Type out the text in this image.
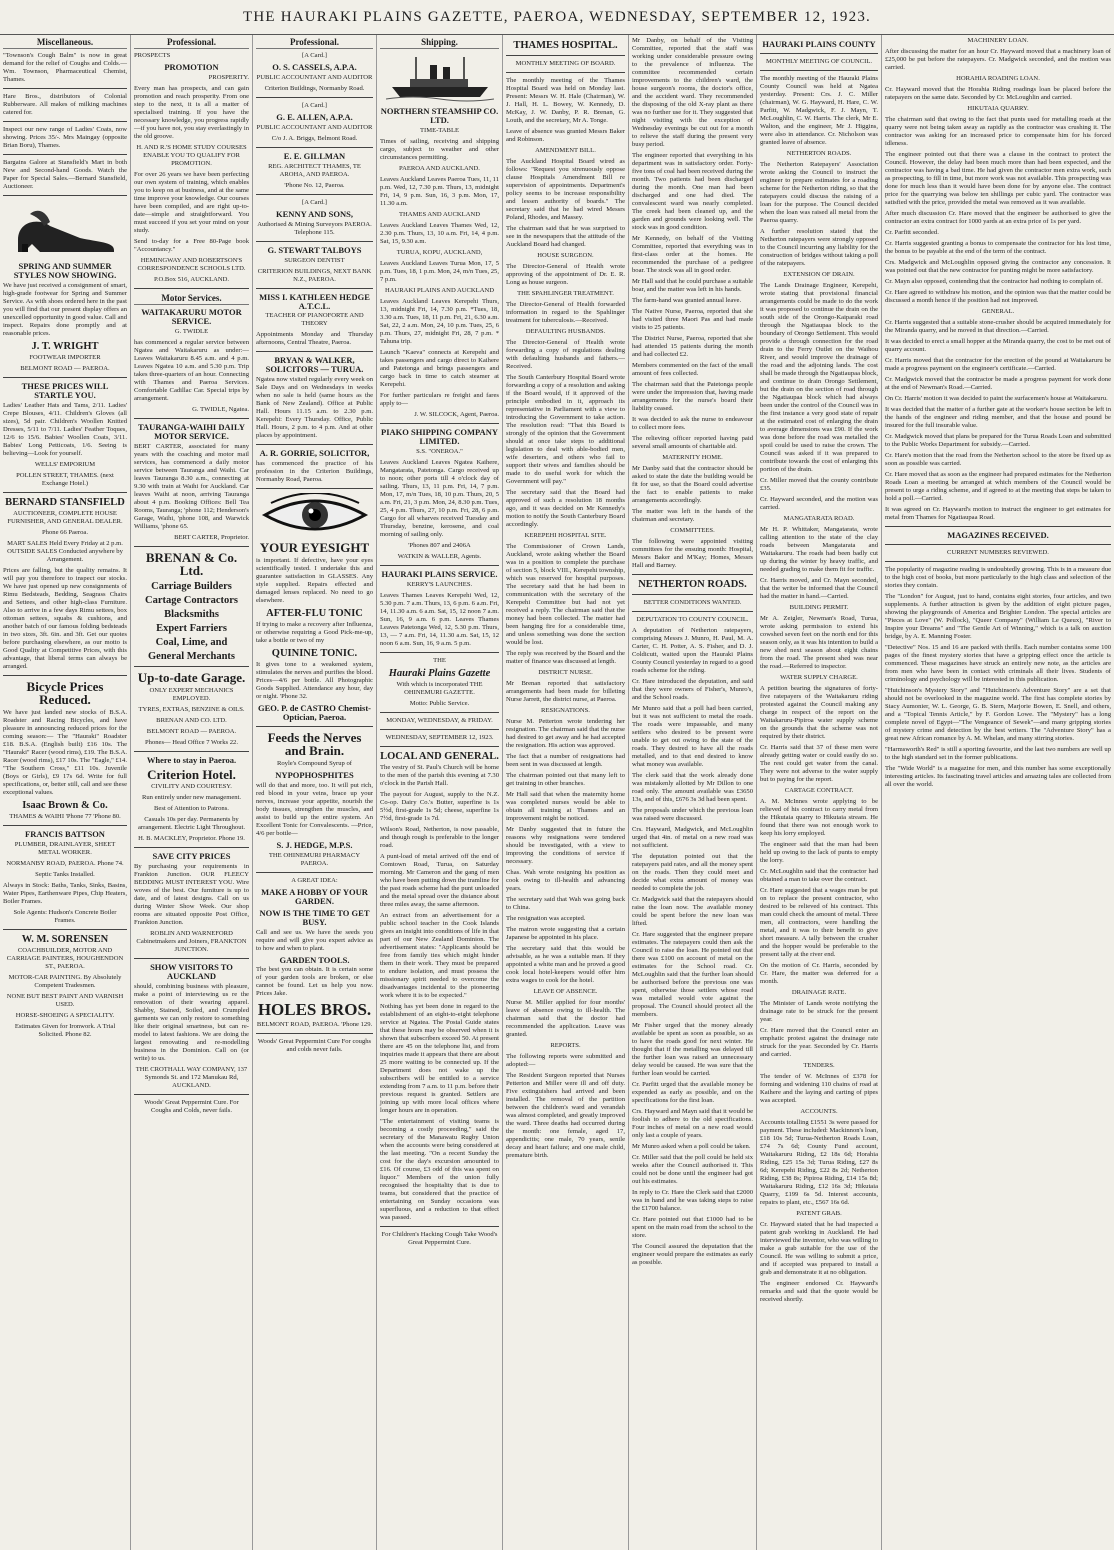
THE HAURAKI PLAINS GAZETTE, PAEROA, WEDNESDAY, SEPTEMBER 12, 1923.
Miscellaneous.

"Townson's Cough Balm" is now in great demand for the relief of Coughs and Colds.—Wm. Townson, Pharmaceutical Chemist, Thames.

Hare Bros., distributors of Colonial Rubberware. All makes of milking machines catered for.

Inspect our new range of Ladies' Coats, now showing. Prices 35/-. Mrs Maingay (opposite Brian Boru), Thames.

Bargains Galore at Stansfield's Mart in both New and Second-hand Goods. Watch the Paper for Special Sales.—Bernard Stansfield, Auctioneer.

SPRING AND SUMMER STYLES NOW SHOWING.

We have just received a consignment of smart, high-grade footwear for Spring and Summer Service. As with shoes ordered here in the past you will find that our present display offers an unexcelled opportunity in good value. Call and inspect. Repairs done promptly and at reasonable prices.

J. T. WRIGHT
FOOTWEAR IMPORTER
BELMONT ROAD — PAEROA.
THESE PRICES WILL STARTLE YOU.

Ladies' Leather Hats and Tams, 2/11. Ladies' Crepe Blouses, 4/11. Children's Gloves (all sizes), 5d pair. Children's Woollen Knitted Dresses, 5/11 to 7/11. Ladies' Feather Toques, 12/6 to 15/6. Babies' Woollen Coats, 3/11. Babies' Long Petticoats, 1/6. Seeing is believing—Look for yourself.

WELLS' EMPORIUM
POLLEN STREET, THAMES. (next Exchange Hotel.)
BERNARD STANSFIELD
AUCTIONEER, COMPLETE HOUSE FURNISHER, AND GENERAL DEALER.
Phone 66 Paeroa.
MART SALES Held Every Friday at 2 p.m. OUTSIDE SALES Conducted anywhere by Arrangement.

Prices are falling, but the quality remains. It will pay you therefore to inspect our stocks. We have just opened up new consignments of Rimu Bedsteads, Bedding, Seagrass Chairs and Settees, and other high-class Furniture. Also to arrive in a few days Rimu settees, box ottoman settees, squabs & cushions, and another batch of our famous folding bedsteads in two sizes, 3ft. 6in. and 3ft. Get our quotes before purchasing elsewhere, as our motto is Good Quality at Competitive Prices, with this advantage, that liberal terms can always be arranged.

Bicycle Prices Reduced.

We have just landed new stocks of B.S.A. Roadster and Racing Bicycles, and have pleasure in announcing reduced prices for the coming season:— The "Hauraki" Roadster £18. B.S.A. (English built) £16 10s. The "Hauraki" Racer (wood rims), £19. The B.S.A. Racer (wood rims), £17 10s. The "Eagle," £14. "The Southern Cross," £11 10s. Juvenile (Boys or Girls), £9 17s 6d. Write for full specifications, or, better still, call and see these exceptional values.

Isaac Brown & Co.
THAMES & WAIHI 'Phone 77 'Phone 80.
FRANCIS BATTSON
PLUMBER, DRAINLAYER, SHEET METAL WORKER.
NORMANBY ROAD, PAEROA. Phone 74.
Septic Tanks Installed.

Always in Stock: Baths, Tanks, Sinks, Basins, Water Pipes, Earthenware Pipes, Chip Heaters, Boiler Frames.

Sole Agents: Hudson's Concrete Boiler Frames.
W. M. SORENSEN
COACHBUILDER, MOTOR AND CARRIAGE PAINTERS, HOUGHENDON ST., PAEROA.
MOTOR-CAR PAINTING. By Absolutely Competent Tradesmen.
NONE BUT BEST PAINT AND VARNISH USED.
HORSE-SHOEING A SPECIALITY.
Estimates Given for Ironwork. A Trial Solicited. Phone 82.
Professional.
PROSPECTS
PROMOTION
PROSPERITY.

Every man has prospects, and can gain promotion and reach prosperity. From one step to the next, it is all a matter of specialised training. If you have the necessary knowledge, you progress rapidly—if you have not, you stay everlastingly in the old groove.

H. AND R.'S HOME STUDY COURSES ENABLE YOU TO QUALIFY FOR PROMOTION.

For over 26 years we have been perfecting our own system of training, which enables you to keep on at business, and at the same time improve your knowledge. Our courses have been compiled, and are right up-to-date—simple and straightforward. You must succeed if you set your mind on your study.

Send to-day for a Free 80-Page book "Accountancy."

HEMINGWAY AND ROBERTSON'S CORRESPONDENCE SCHOOLS LTD.
P.O.Box 516, AUCKLAND.
Motor Services.
WAITAKARURU MOTOR SERVICE.
G. TWIDLE

has commenced a regular service between Ngatea and Waitakaruru as under:— Leaves Waitakaruru 8.45 a.m. and 4 p.m. Leaves Ngatea 10 a.m. and 5.30 p.m. Trip takes three-quarters of an hour. Connecting with Thames and Paeroa Services. Comfortable Cadillac Car. Special trips by arrangement.

G. TWIDLE, Ngatea.
TAURANGA-WAIHI DAILY MOTOR SERVICE.

BERT CARTER, associated for many years with the coaching and motor mail services, has commenced a daily motor service between Tauranga and Waihi. Car leaves Tauranga 8.30 a.m., connecting at 9.30 with train at Waihi for Auckland. Car leaves Waihi at noon, arriving Tauranga about 4 p.m. Booking Offices: Bell Tea Rooms, Tauranga; 'phone 112; Henderson's Garage, Waihi, 'phone 108, and Warwick Williams, 'phone 65.

BERT CARTER, Proprietor.
BRENAN & Co. Ltd.
Carriage Builders
Cartage Contractors
Blacksmiths
Expert Farriers
Coal, Lime, and
General Merchants
Up-to-date Garage.
ONLY EXPERT MECHANICS EMPLOYED.
TYRES, EXTRAS, BENZINE & OILS.
BRENAN AND CO. LTD.
BELMONT ROAD — PAEROA.
Phones— Head Office 7 Works 22.
Where to stay in Paeroa.
Criterion Hotel.
CIVILITY AND COURTESY.
Run entirely under new management.
Best of Attention to Patrons.
Casuals 10s per day. Permanents by arrangement. Electric Light Throughout.
H. B. MACKLEY, Proprietor. Phone 19.
SAVE CITY PRICES

By purchasing your requirements in Frankton Junction. OUR FLEECY BEDDING MUST INTEREST YOU. Wire woves of the best. Our furniture is up to date, and of latest designs. Call on us during Winter Show Week. Our shop rooms are situated opposite Post Office, Frankton Junction.

ROBLIN AND WARNEFORD Cabinetmakers and Joiners, FRANKTON JUNCTION.
SHOW VISITORS TO AUCKLAND

should, combining business with pleasure, make a point of interviewing us re the renovation of their wearing apparel. Shabby, Stained, Soiled, and Crumpled garments we can only restore to something like their original smartness, but can re-model to latest fashions. We are doing the largest renovating and re-modelling business in the Dominion. Call on (or write) to us.

THE CROTHALL WAY COMPANY, 137 Symonds St. and 172 Manukau Rd, AUCKLAND.
Woods' Great Peppermint Cure. For Coughs and Colds, never fails.
Professional.
[A Card.]
O. S. CASSELS, A.P.A.
PUBLIC ACCOUNTANT AND AUDITOR
Criterion Buildings, Normanby Road.
[A Card.]
G. E. ALLEN, A.P.A.
PUBLIC ACCOUNTANT AND AUDITOR
C/o J. A. Briggs, Belmont Road.
E. E. GILLMAN
REG. ARCHITECT THAMES, TE AROHA, AND PAEROA.
'Phone No. 12, Paeroa.
[A Card.]
KENNY AND SONS,
Authorised & Mining Surveyors PAEROA. Telephone 115.
G. STEWART TALBOYS
SURGEON DENTIST
CRITERION BUILDINGS, NEXT BANK N.Z., PAEROA.
MISS I. KATHLEEN HEDGE A.T.C.L.
TEACHER OF PIANOFORTE AND THEORY

Appointments Monday and Thursday afternoons, Central Theatre, Paeroa.

BRYAN & WALKER, SOLICITORS — TURUA.

Ngatea now visited regularly every week on Sale Days and on Wednesdays in weeks when no sale is held (same hours as the Bank of New Zealand). Office at Public Hall. Hours 11.15 a.m. to 2.30 p.m. Kerepehi: Every Thursday. Office, Public Hall. Hours, 2 p.m. to 4 p.m. And at other places by appointment.

A. R. GORRIE, SOLICITOR,

has commenced the practice of his profession in the Criterion Buildings, Normanby Road, Paeroa.

YOUR EYESIGHT

is important. If defective, have your eyes scientifically tested. I undertake this and guarantee satisfaction in GLASSES. Any style supplied. Repairs effected and damaged lenses replaced. No need to go elsewhere.

AFTER-FLU TONIC

If trying to make a recovery after Influenza, or otherwise requiring a Good Pick-me-up, take a bottle or two of my

QUININE TONIC.

It gives tone to a weakened system, stimulates the nerves and purifies the blood. Prices—4/6 per bottle. All Photographic Goods Supplied. Attendance any hour, day or night. 'Phone 32.

GEO. P. de CASTRO Chemist-Optician, Paeroa.
Feeds the Nerves and Brain.
Royle's Compound Syrup of
NYPOPHOSPHITES

will do that and more, too. It will put rich, red blood in your veins, brace up your nerves, increase your appetite, nourish the body tissues, strengthen the muscles, and assist to build up the entire system. An Excellent Tonic for Convalescents. —Price, 4/6 per bottle—

S. J. HEDGE, M.P.S.
THE OHINEMURI PHARMACY PAEROA.
A GREAT IDEA:
MAKE A HOBBY OF YOUR GARDEN.
NOW IS THE TIME TO GET BUSY.

Call and see us. We have the seeds you require and will give you expert advice as to how and when to plant.

GARDEN TOOLS.

The best you can obtain. It is certain some of your garden tools are broken, or else cannot be found. Let us help you now. Prices Jake.

HOLES BROS.
BELMONT ROAD, PAEROA. 'Phone 129.
Woods' Great Peppermint Cure For coughs and colds never fails.
Shipping.
NORTHERN STEAMSHIP CO. LTD.
TIME-TABLE

Times of sailing, receiving and shipping cargo, subject to weather and other circumstances permitting.

PAEROA AND AUCKLAND.

Leaves Auckland Leaves Paeroa Tues, 11, 11 p.m. Wed, 12, 7.30 p.m. Thurs, 13, midnight Fri, 14, 9 p.m. Sun, 16, 3 p.m. Mon, 17, 11.30 a.m.

THAMES AND AUCKLAND

Leaves Auckland Leaves Thames Wed, 12, 2.30 p.m. Thurs, 13, 10 a.m. Fri, 14, 4 p.m. Sat, 15, 9.30 a.m.

TURUA, KOPU, AUCKLAND,

Leaves Auckland Leaves Turua Mon, 17, 5 p.m. Tues, 18, 1 p.m. Mon, 24, m/n Tues, 25, 7 p.m.

HAURAKI PLAINS AND AUCKLAND

Leaves Auckland Leaves Kerepehi Thurs, 13, midnight Fri, 14, 7.30 p.m. *Tues, 18, 3.30 a.m. Tues, 18, 11 p.m. Fri, 21, 6.30 a.m. Sat, 22, 2 a.m. Mon, 24, 10 p.m. Tues, 25, 6 p.m. Thurs, 27, midnight Fri, 28, 7 p.m. * Tahuna trip.

Launch "Kaeva" connects at Kerepehi and takes passengers and cargo direct to Kaihere and Patetonga and brings passengers and cargo back in time to catch steamer at Kerepehi.

For further particulars re freight and fares apply to—

J. W. SILCOCK, Agent, Paeroa.
PIAKO SHIPPING COMPANY LIMITED.
S.S. "ONEROA."

Leaves Auckland Leaves Ngatea Kaihere, Mangatarata, Patetonga. Cargo received up to noon; other ports till 4 o'clock day of sailing. Thurs, 13, 11 p.m. Fri, 14, 7 p.m. Mon, 17, m/n Tues, 18, 10 p.m. Thurs, 20, 5 a.m. Fri, 21, 3 p.m. Mon, 24, 8.30 p.m. Tues, 25, 4 p.m. Thurs, 27, 10 p.m. Fri, 28, 6 p.m. Cargo for all wharves received Tuesday and Thursday, benzine, kerosene, and coal morning of sailing only.

'Phones 807 and 2406A
WATKIN & WALLER, Agents.
HAURAKI PLAINS SERVICE.
KERRY'S LAUNCHES.

Leaves Thames Leaves Kerepehi Wed, 12, 5.30 p.m. 7 a.m. Thurs, 13, 6 p.m. 6 a.m. Fri, 14, 11.30 a.m. 6 a.m. Sat, 15, 12 noon 7 a.m. Sun, 16, 9 a.m. 6 p.m. Leaves Thames Leaves Patetonga Wed, 12, 5.30 p.m. Thurs, 13, — 7 a.m. Fri, 14, 11.30 a.m. Sat, 15, 12 noon 6 a.m. Sun, 16, 9 a.m. 5 p.m.

THE
Hauraki Plains Gazette
With which is incorporated THE OHINEMURI GAZETTE.
Motto: Public Service.
MONDAY, WEDNESDAY, & FRIDAY.
WEDNESDAY, SEPTEMBER 12, 1923.
LOCAL AND GENERAL.

The vestry of St. Paul's Church will be home to the men of the parish this evening at 7.30 o'clock in the Parish Hall.

The payout for August, supply to the N.Z. Co-op. Dairy Co.'s Butter, superfine is 1s 5½d, first-grade 1s 5d; cheese, superfine 1s 7½d, first-grade 1s 7d.

Wilson's Road, Netherton, is now passable, and though rough is preferable to the longer road.

A punt-load of metal arrived off the end of Comtown Road, Turua, on Saturday morning. Mr Cameron and the gang of men who have been putting down the tramline for the past roads scheme had the punt unloaded and the metal spread over the distance about three miles away, the same afternoon.

An extract from an advertisement for a public school teacher in the Cook Islands gives an insight into conditions of life in that part of our New Zealand Dominion. The advertisement states: "Applicants should be free from family ties which might hinder them in their work. They must be prepared to endure isolation, and must possess the missionary spirit needed to overcome the disadvantages incidental to the pioneering work where it is to be expected."

Nothing has yet been done in regard to the establishment of an eight-to-eight telephone service at Ngatea. The Postal Guide states that these hours may be observed when it is shown that subscribers exceed 50. At present there are 45 on the telephone list, and from inquiries made it appears that there are about 25 more waiting to be connected up. If the Department does not wake up the subscribers will be entitled to a service extending from 7 a.m. to 11 p.m. before their previous request is granted. Settlers are joining up with more local offices where longer hours are in operation.

"The entertainment of visiting teams is becoming a costly proceeding," said the secretary of the Manawatu Rugby Union when the accounts were being considered at the last meeting. "On a recent Sunday the cost for the day's excursion amounted to £16. Of course, £3 odd of this was spent on liquor." Members of the union fully recognised the hospitality that is due to teams, but considered that the practice of entertaining on Sunday occasions was superfluous, and a reduction to that effect was passed.

For Children's Hacking Cough Take Wood's Great Peppermint Cure.
THAMES HOSPITAL.
MONTHLY MEETING OF BOARD.

The monthly meeting of the Thames Hospital Board was held on Monday last. Present: Messrs W. H. Hale (Chairman), W. J. Hall, H. L. Bowey, W. Kennedy, D. McKay, J. W. Danby, P. R. Brenan, G. Louth, and the secretary, Mr A. Tonge.

Leave of absence was granted Messrs Baker and Robinson.

AMENDMENT BILL.

The Auckland Hospital Board wired as follows: "Request you strenuously oppose clause Hospitals Amendment Bill re supervision of appointments. Department's policy seems to be increase responsibility and lessen authority of boards." The secretary said that he had wired Messrs Poland, Rhodes, and Massey.

The chairman said that he was surprised to see in the newspapers that the attitude of the Auckland Board had changed.

HOUSE SURGEON.

The Director-General of Health wrote approving of the appointment of Dr. E. R. Long as house surgeon.

THE SPAHLINGER TREATMENT.

The Director-General of Health forwarded information in regard to the Spahlinger treatment for tuberculosis.—Received.

DEFAULTING HUSBANDS.

The Director-General of Health wrote forwarding a copy of regulations dealing with defaulting husbands and fathers.—Received.

The South Canterbury Hospital Board wrote forwarding a copy of a resolution and asking if the Board would, if it approved of the principle embodied in it, approach its representative in Parliament with a view to introducing the Government to take action. The resolution read: "That this Board is strongly of the opinion that the Government should at once take steps to additional legislation to deal with able-bodied men, wife deserters, and others who fail to support their wives and families should be made to do useful work for which the Government will pay."

The secretary said that the Board had approved of such a resolution 18 months ago, and it was decided on Mr Kennedy's motion to notify the South Canterbury Board accordingly.

KEREPEHI HOSPITAL SITE.

The Commissioner of Crown Lands, Auckland, wrote asking whether the Board was in a position to complete the purchase of section 5, block VIII., Kerepehi township, which was reserved for hospital purposes. The secretary said that he had been in communication with the secretary of the Kerepehi Committee but had not yet received a reply. The chairman said that the money had been collected. The matter had been hanging fire for a considerable time, and unless something was done the section would be lost.

The reply was received by the Board and the matter of finance was discussed at length.

DISTRICT NURSE.

Mr Brenan reported that satisfactory arrangements had been made for billeting Nurse Jarrett, the district nurse, at Paeroa.

RESIGNATIONS.

Nurse M. Petterton wrote tendering her resignation. The chairman said that the nurse had desired to get away and he had accepted the resignation. His action was approved.

The fact that a number of resignations had been sent in was discussed at length.

The chairman pointed out that many left to get training in other branches.

Mr Hall said that when the maternity home was completed nurses would be able to obtain all training at Thames and an improvement might be noticed.

Mr Danby suggested that in future the reasons why resignations were tendered should be investigated, with a view to improving the conditions of service if necessary.

Chas. Wah wrote resigning his position as cook owing to ill-health and advancing years.

The secretary said that Wah was going back to China.

The resignation was accepted.

The matron wrote suggesting that a certain Japanese be appointed in his place.

The secretary said that this would be advisable, as he was a suitable man. If they appointed a white man and he proved a good cook local hotel-keepers would offer him extra wages to cook for the hotel.

LEAVE OF ABSENCE.

Nurse M. Miller applied for four months' leave of absence owing to ill-health. The chairman said that the doctor had recommended the application. Leave was granted.

REPORTS.

The following reports were submitted and adopted:—

The Resident Surgeon reported that Nurses Petterton and Miller were ill and off duty. Five extinguishers had arrived and been installed. The removal of the partition between the children's ward and verandah was almost completed, and greatly improved the ward. Three deaths had occurred during the month: one female, aged 17, appendicitis; one male, 70 years, senile decay and heart failure; and one male child, premature birth.

Mr Danby, on behalf of the Visiting Committee, reported that the staff was working under considerable pressure owing to the prevalence of influenza. The committee recommended certain improvements to the children's ward, the house surgeon's rooms, the doctor's office, and the accident ward. They recommended the disposing of the old X-ray plant as there was no further use for it. They suggested that night visiting with the exception of Wednesday evenings be cut out for a month to relieve the staff during the present very busy period.

The engineer reported that everything in his department was in satisfactory order. Forty-five tons of coal had been received during the month. Two patients had been discharged during the month. One man had been discharged and one had died. The convalescent ward was nearly completed. The creek had been cleaned up, and the garden and grounds were looking well. The stock was in good condition.

Mr Kennedy, on behalf of the Visiting Committee, reported that everything was in first-class order at the homes. He recommended the purchase of a pedigree boar. The stock was all in good order.

Mr Hall said that he could purchase a suitable boar, and the matter was left in his hands.

The farm-hand was granted annual leave.

The Native Nurse, Paeroa, reported that she had visited three Maori Pas and had made visits to 25 patients.

The District Nurse, Paeroa, reported that she had attended 15 patients during the month and had collected £2.

Members commented on the fact of the small amount of fees collected.

The chairman said that the Patetonga people were under the impression that, having made arrangements for the nurse's board their liability ceased.

It was decided to ask the nurse to endeavour to collect more fees.

The relieving officer reported having paid several small amounts of charitable aid.

MATERNITY HOME.

Mr Danby said that the contractor should be asked to state the date the building would be fit for use, so that the Board could advertise the fact to enable patients to make arrangements accordingly.

The matter was left in the hands of the chairman and secretary.

COMMITTEES.

The following were appointed visiting committees for the ensuing month: Hospital, Messrs Baker and M'Kay; Homes, Messrs Hall and Barney.

NETHERTON ROADS.
BETTER CONDITIONS WANTED.
DEPUTATION TO COUNTY COUNCIL.

A deputation of Netherton ratepayers, comprising Messrs J. Munro, H. Paul, M. A. Carter, C. H. Potter, A. S. Fisher, and D. J. Coldicutt, waited upon the Hauraki Plains County Council yesterday in regard to a good roads scheme for the riding.

Cr. Hare introduced the deputation, and said that they were owners of Fisher's, Munro's, and the School roads.

Mr Munro said that a poll had been carried, but it was not sufficient to metal the roads. The roads were impassable, and many settlers who desired to be present were unable to get out owing to the state of the roads. They desired to have all the roads metalled, and to that end desired to know what money was available.

The clerk said that the work already done was mistakenly allotted by Mr Dillon to one road only. The amount available was £3650 13s, and of this, £676 3s 3d had been spent.

The proposals under which the previous loan was raised were discussed.

Crs. Hayward, Madgwick, and McLoughlin urged that 4in. of metal on a new road was not sufficient.

The deputation pointed out that the ratepayers paid rates, and all the money spent on the roads. Then they could meet and decide what extra amount of money was needed to complete the job.

Cr. Madgwick said that the ratepayers should raise the loan now. The available money could be spent before the new loan was lifted.

Cr. Hare suggested that the engineer prepare estimates. The ratepayers could then ask the Council to raise the loan. He pointed out that there was £100 on account of metal on the estimates for the School road. Cr. McLoughlin said that the further loan should be authorised before the previous one was spent, otherwise those settlers whose road was metalled would vote against the proposal. The Council should protect all the members.

Mr Fisher urged that the money already available be spent as soon as possible, so as to have the roads good for next winter. He thought that if the metalling was delayed till the further loan was raised an unnecessary delay would be caused. He was sure that the further loan would be carried.

Cr. Parfitt urged that the available money be expended as early as possible, and on the specifications for the first loan.

Crs. Hayward and Mayn said that it would be foolish to adhere to the old specifications. Four inches of metal on a new road would only last a couple of years.

Mr Munro asked when a poll could be taken.

Cr. Miller said that the poll could be held six weeks after the Council authorised it. This could not be done until the engineer had got out his estimates.

In reply to Cr. Hare the Clerk said that £2000 was in hand and he was taking steps to raise the £1700 balance.

Cr. Hare pointed out that £1000 had to be spent on the main road from the school to the store.

The Council assured the deputation that the engineer would prepare the estimates as early as possible.

HAURAKI PLAINS COUNTY
MONTHLY MEETING OF COUNCIL.

The monthly meeting of the Hauraki Plains County Council was held at Ngatea yesterday. Present: Crs. J. C. Miller (chairman), W. G. Hayward, H. Hare, C. W. Parfitt, W. Madgwick, F. J. Mayn, T. McLoughlin, C. W. Harris. The clerk, Mr E. Walton, and the engineer, Mr J. Higgins, were also in attendance. Cr. Nicholson was granted leave of absence.

NETHERTON ROADS.

The Netherton Ratepayers' Association wrote asking the Council to instruct the engineer to prepare estimates for a roading scheme for the Netherton riding, so that the ratepayers could discuss the raising of a loan for the purpose. The Council decided when the loan was raised all metal from the Paeroa quarry.

A further resolution stated that the Netherton ratepayers were strongly opposed to the Council incurring any liability for the construction of bridges without taking a poll of the ratepayers.

EXTENSION OF DRAIN.

The Lands Drainage Engineer, Kerepehi, wrote stating that provisional financial arrangements could be made to do the work it was proposed to continue the drain on the south side of the Orongo-Kaiparaki road through the Ngatiaupaa block to the boundary of Orongo Settlement. This would provide a through connection for the road drain to the Ferry Outlet on the Waihou River, and would improve the drainage of the road and the adjoining lands. The cost shall be made through the Ngatiaupaa block, and continue to drain Orongo Settlement, but the drain on the section of road through the Ngatiaupaa block which had always been under the control of the Council was in the first instance a very good state of repair at the estimated cost of enlarging the drain to average dimensions was £90. If the work was done before the road was metalled the spoil could be used to raise the crown. The Council was asked if it was prepared to contribute towards the cost of enlarging this portion of the drain.

Cr. Miller moved that the county contribute £35.

Cr. Hayward seconded, and the motion was carried.

MANGATARATA ROAD.

Mr H. P. Whittaker, Mangatarata, wrote calling attention to the state of the clay roads between Mangatarata and Waitakaruru. The roads had been badly cut up during the winter by heavy traffic, and needed grading to make them fit for traffic.

Cr. Harris moved, and Cr. Mayn seconded, that the writer be informed that the Council had the matter in hand.—Carried.

BUILDING PERMIT.

Mr A. Zeigler, Newman's Road, Turua, wrote asking permission to extend his cowshed seven feet on the north end for this season only, as it was his intention to build a new shed next season about eight chains from the road. The present shed was near the road.—Referred to inspector.

WATER SUPPLY CHARGE.

A petition bearing the signatures of forty-five ratepayers of the Waitakaruru riding protested against the Council making any charge in respect of the report on the Waitakaruru-Pipiroa water supply scheme on the grounds that the scheme was not required by their district.

Cr. Harris said that 37 of these men were already getting water or could easily do so. The rest could get water from the canal. They were not adverse to the water supply but to paying for the report.

CARTAGE CONTRACT.

A. M. McInnes wrote applying to be relieved of his contract to carry metal from the Hikutaia quarry to Hikutaia stream. He found that there was not enough work to keep his lorry employed.

The engineer said that the man had been held up owing to the lack of punts to empty the lorry.

Cr. McLoughlin said that the contractor had obtained a man to take over the contract.

Cr. Hare suggested that a wages man be put on to replace the present contractor, who desired to be relieved of his contract. This man could check the amount of metal. Three men, all contractors, were handling the metal, and it was to their benefit to give short measure. A tally between the crusher and the hopper would be preferable to the present tally at the river end.

On the motion of Cr. Harris, seconded by Cr. Hare, the matter was deferred for a month.

DRAINAGE RATE.

The Minister of Lands wrote notifying the drainage rate to be struck for the present year.

Cr. Hare moved that the Council enter an emphatic protest against the drainage rate struck for the year. Seconded by Cr. Harris and carried.

TENDERS.

The tender of W. McInnes of £378 for forming and widening 110 chains of road at Kaihere and the laying and carting of pipes was accepted.

ACCOUNTS.

Accounts totalling £1551 3s were passed for payment. These included: Mackinnon's loan, £18 10s 5d; Turua-Netherton Roads Loan, £74 7s 6d; County Fund account, Waitakaruru Riding, £2 18s 6d; Horahia Riding, £25 15s 3d; Turua Riding, £27 8s 6d; Kerepehi Riding, £22 8s 2d; Netherton Riding, £38 8s; Pipiroa Riding, £14 15s 8d; Waitakaruru Riding, £12 16s 3d; Hikutaia Quarry, £199 6s 5d. Interest accounts, repairs to plant, etc., £567 16s 6d.

PATENT GRAB.

Cr. Hayward stated that he had inspected a patent grab working in Auckland. He had interviewed the inventor, who was willing to make a grab suitable for the use of the Council. He was willing to submit a price, and if accepted was prepared to install a grab and demonstrate it at no obligation.

The engineer endorsed Cr. Hayward's remarks and said that the quote would be received shortly.

MACHINERY LOAN.

After discussing the matter for an hour Cr. Hayward moved that a machinery loan of £25,000 be put before the ratepayers. Cr. Madgwick seconded, and the motion was carried.

HORAHIA ROADING LOAN.

Cr. Hayward moved that the Horahia Riding roadings loan be placed before the ratepayers on the same date. Seconded by Cr. McLoughlin and carried.

HIKUTAIA QUARRY.

The chairman said that owing to the fact that punts used for metalling roads at the quarry were not being taken away as rapidly as the contractor was crushing it. The contractor was asking for an increased price to compensate him for his forced idleness.

The engineer pointed out that there was a clause in the contract to protect the Council. However, the delay had been much more than had been expected, and the contractor was having a bad time. He had given the contractor men extra work, such as prospecting, to fill in time, but more work was not available. This prospecting was done for much less than it would have been done for by anyone else. The contract price for the quarrying was below ten shillings per cubic yard. The contractor was satisfied with the price, provided the metal was removed as it was available.

After much discussion Cr. Hare moved that the engineer be authorised to give the contractor an extra contract for 1000 yards at an extra price of 1s per yard.

Cr. Parfitt seconded.

Cr. Harris suggested granting a bonus to compensate the contractor for his lost time, the bonus to be payable at the end of the term of the contract.

Crs. Madgwick and McLoughlin opposed giving the contractor any concession. It was pointed out that the new contractor for punting might be more satisfactory.

Cr. Mayn also opposed, contending that the contractor had nothing to complain of.

Cr. Hare agreed to withdraw his motion, and the opinion was that the matter could be discussed a month hence if the position had not improved.

GENERAL.

Cr. Harris suggested that a suitable stone-crusher should be acquired immediately for the Miranda quarry, and he moved in that direction.—Carried.

It was decided to erect a small hopper at the Miranda quarry, the cost to be met out of quarry account.

Cr. Harris moved that the contractor for the erection of the pound at Waitakaruru be made a progress payment on the engineer's certificate.—Carried.

Cr. Madgwick moved that the contractor be made a progress payment for work done at the end of Newman's Road.—Carried.

On Cr. Harris' motion it was decided to paint the surfacemen's house at Waitakaruru.

It was decided that the matter of a further gate at the worker's house section be left in the hands of the engineer and riding member, and that the house and pound be insured for the full insurable value.

Cr. Madgwick moved that plans be prepared for the Turua Roads Loan and submitted to the Public Works Department for subsidy.—Carried.

Cr. Hare's motion that the road from the Netherton school to the store be fixed up as soon as possible was carried.

Cr. Hare moved that as soon as the engineer had prepared estimates for the Netherton Roads Loan a meeting be arranged at which members of the Council would be present to urge a riding scheme, and if agreed to at the meeting that steps be taken to hold a poll.—Carried.

It was agreed on Cr. Hayward's motion to instruct the engineer to get estimates for metal from Thames for Ngatiaupaa Road.

MAGAZINES RECEIVED.
CURRENT NUMBERS REVIEWED.

The popularity of magazine reading is undoubtedly growing. This is in a measure due to the high cost of books, but more particularly to the high class and selection of the stories they contain.

The "London" for August, just to hand, contains eight stories, four articles, and two supplements. A further attraction is given by the addition of eight picture pages, showing the playgrounds of America and Brighter London. The special articles are "Pieces at Love" (W. Pollock), "Queer Company" (William Le Queux), "River to Inspire your Dreams" and "The Gentle Art of Winning," which is a talk on auction bridge, by A. E. Manning Foster.

"Detective" Nos. 15 and 16 are packed with thrills. Each number contains some 100 pages of the finest mystery stories that have a gripping effect once the article is commenced. These magazines have struck an entirely new note, as the articles are from men who have been in contact with criminals all their lives. Students of criminology and psychology will be interested in this publication.

"Hutchinson's Mystery Story" and "Hutchinson's Adventure Story" are a set that should not be overlooked in the magazine world. The first has complete stories by Stacy Aumonier, W. L. George, G. B. Stern, Marjorie Bowen, E. Snell, and others, and a "Topical Tennis Article," by F. Gordon Lowe. The "Mystery" has a long complete novel of Egypt—"The Vengeance of Sewek"—and many gripping stories of mystery crime and detection by the best writers. The "Adventure Story" has a great new African romance by A. M. Whelan, and many stirring stories.

"Harmsworth's Red" is still a sporting favourite, and the last two numbers are well up to the high standard set in the former publications.

The "Wide World" is a magazine for men, and this number has some exceptionally interesting articles. Its fascinating travel articles and amazing tales are collected from all over the world.
